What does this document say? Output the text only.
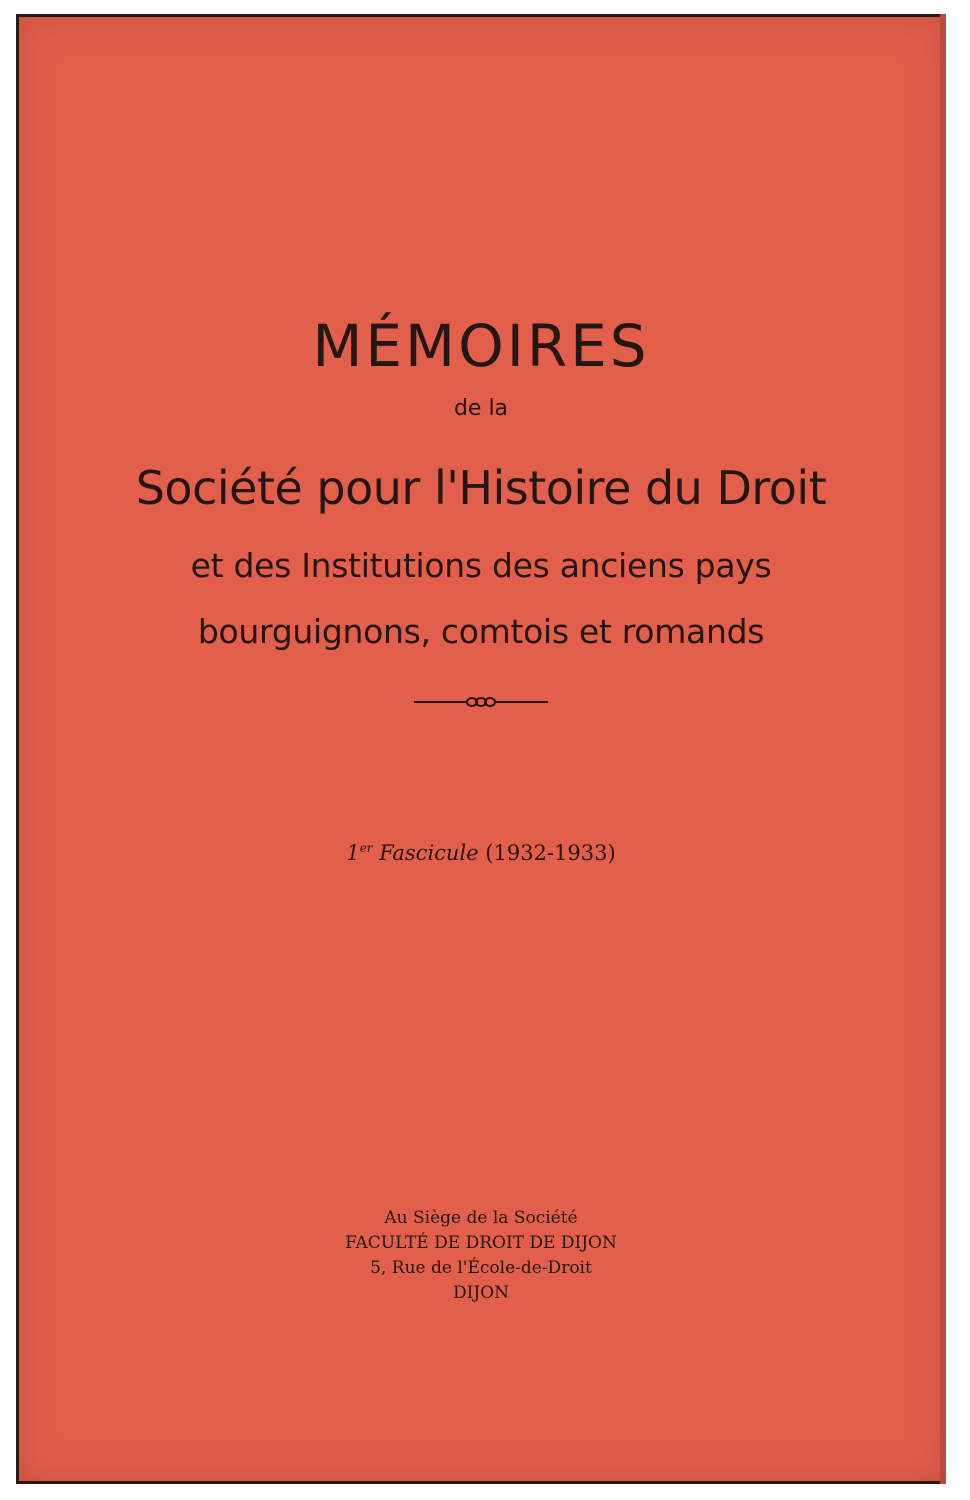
MÉMOIRES
de la
Société pour l'Histoire du Droit
et des Institutions des anciens pays
bourguignons, comtois et romands
1er Fascicule (1932-1933)
Au Siège de la Société
FACULTÉ DE DROIT DE DIJON
5, Rue de l'École-de-Droit
DIJON
